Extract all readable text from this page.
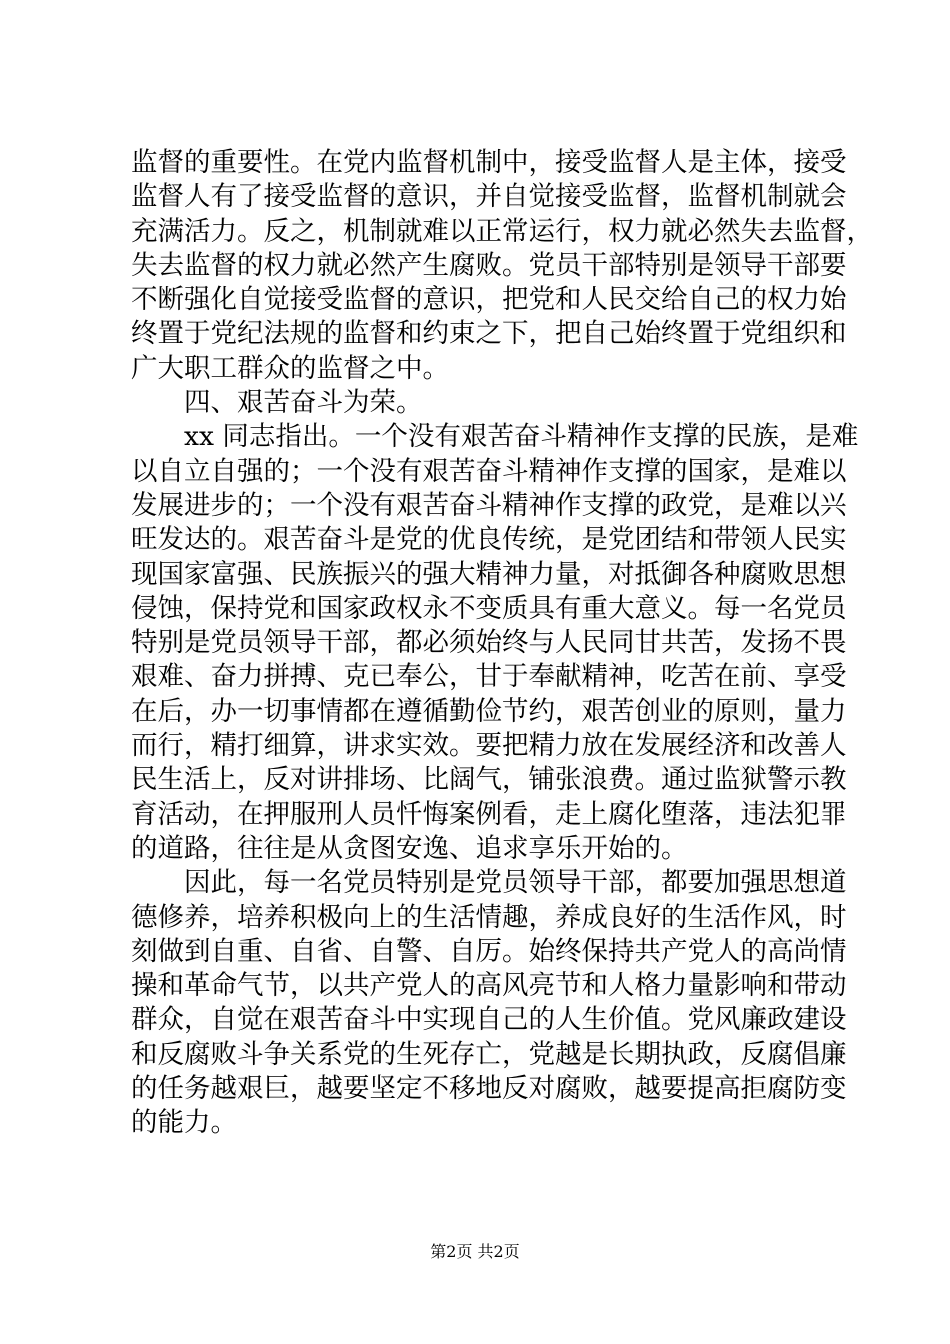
监督的重要性。在党内监督机制中，接受监督人是主体，接受
监督人有了接受监督的意识，并自觉接受监督，监督机制就会
充满活力。反之，机制就难以正常运行，权力就必然失去监督，
失去监督的权力就必然产生腐败。党员干部特别是领导干部要
不断强化自觉接受监督的意识，把党和人民交给自己的权力始
终置于党纪法规的监督和约束之下，把自己始终置于党组织和
广大职工群众的监督之中。
四、艰苦奋斗为荣。
xx 同志指出。一个没有艰苦奋斗精神作支撑的民族，是难
以自立自强的；一个没有艰苦奋斗精神作支撑的国家，是难以
发展进步的；一个没有艰苦奋斗精神作支撑的政党，是难以兴
旺发达的。艰苦奋斗是党的优良传统，是党团结和带领人民实
现国家富强、民族振兴的强大精神力量，对抵御各种腐败思想
侵蚀，保持党和国家政权永不变质具有重大意义。每一名党员
特别是党员领导干部，都必须始终与人民同甘共苦，发扬不畏
艰难、奋力拼搏、克已奉公，甘于奉献精神，吃苦在前、享受
在后，办一切事情都在遵循勤俭节约，艰苦创业的原则，量力
而行，精打细算，讲求实效。要把精力放在发展经济和改善人
民生活上，反对讲排场、比阔气，铺张浪费。通过监狱警示教
育活动，在押服刑人员忏悔案例看，走上腐化堕落，违法犯罪
的道路，往往是从贪图安逸、追求享乐开始的。
因此，每一名党员特别是党员领导干部，都要加强思想道
德修养，培养积极向上的生活情趣，养成良好的生活作风，时
刻做到自重、自省、自警、自厉。始终保持共产党人的高尚情
操和革命气节，以共产党人的高风亮节和人格力量影响和带动
群众，自觉在艰苦奋斗中实现自己的人生价值。党风廉政建设
和反腐败斗争关系党的生死存亡，党越是长期执政，反腐倡廉
的任务越艰巨，越要坚定不移地反对腐败，越要提高拒腐防变
的能力。
第2页 共2页
